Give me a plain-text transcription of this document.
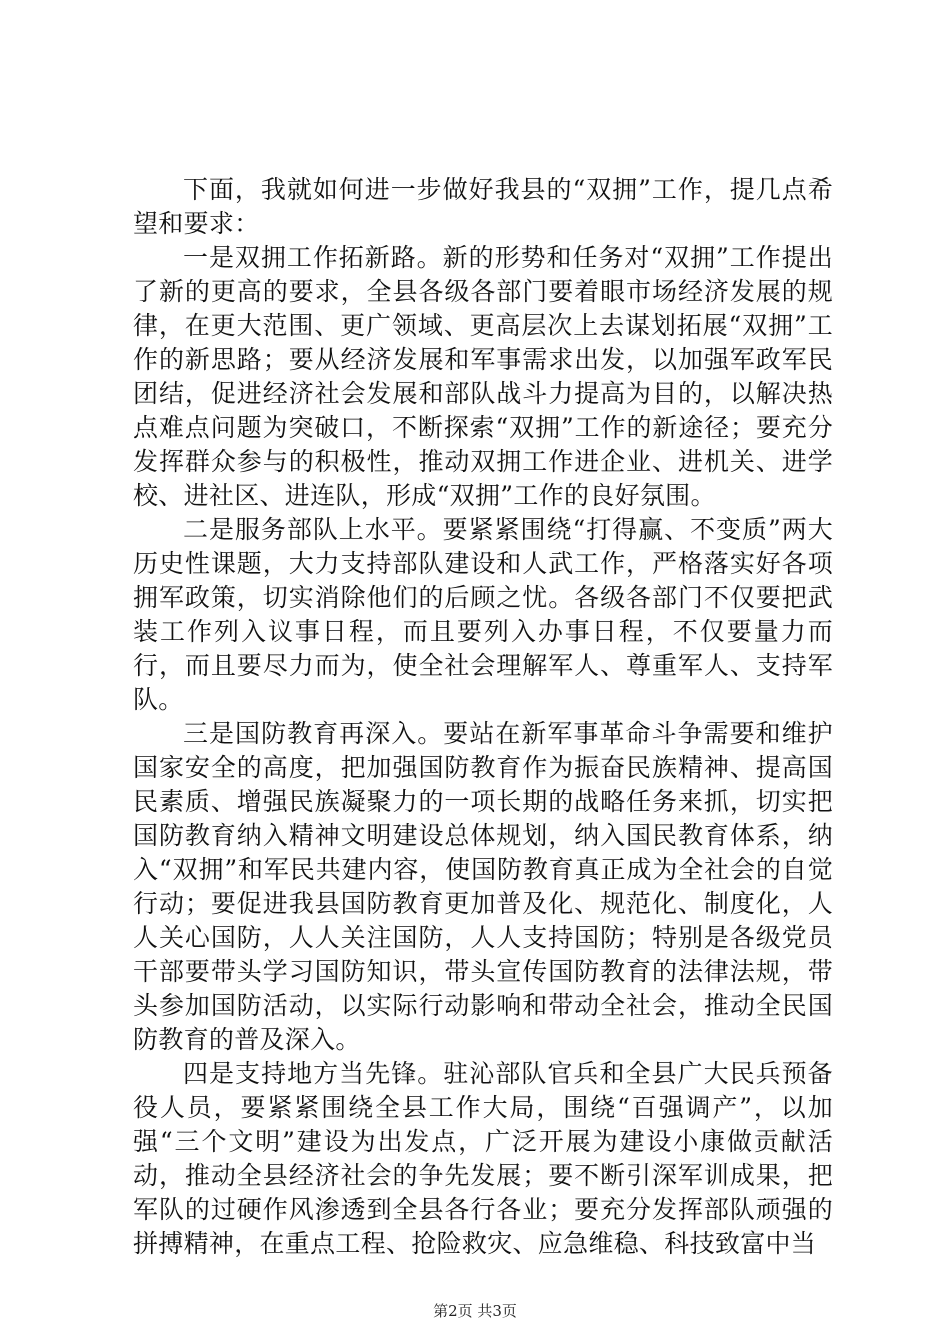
下面，我就如何进一步做好我县的“双拥”工作，提几点希望和要求：

一是双拥工作拓新路。新的形势和任务对“双拥”工作提出了新的更高的要求，全县各级各部门要着眼市场经济发展的规律，在更大范围、更广领域、更高层次上去谋划拓展“双拥”工作的新思路；要从经济发展和军事需求出发，以加强军政军民团结，促进经济社会发展和部队战斗力提高为目的，以解决热点难点问题为突破口，不断探索“双拥”工作的新途径；要充分发挥群众参与的积极性，推动双拥工作进企业、进机关、进学校、进社区、进连队，形成“双拥”工作的良好氛围。

二是服务部队上水平。要紧紧围绕“打得赢、不变质”两大历史性课题，大力支持部队建设和人武工作，严格落实好各项拥军政策，切实消除他们的后顾之忧。各级各部门不仅要把武装工作列入议事日程，而且要列入办事日程，不仅要量力而行，而且要尽力而为，使全社会理解军人、尊重军人、支持军队。

三是国防教育再深入。要站在新军事革命斗争需要和维护国家安全的高度，把加强国防教育作为振奋民族精神、提高国民素质、增强民族凝聚力的一项长期的战略任务来抓，切实把国防教育纳入精神文明建设总体规划，纳入国民教育体系，纳入“双拥”和军民共建内容，使国防教育真正成为全社会的自觉行动；要促进我县国防教育更加普及化、规范化、制度化，人人关心国防，人人关注国防，人人支持国防；特别是各级党员干部要带头学习国防知识，带头宣传国防教育的法律法规，带头参加国防活动，以实际行动影响和带动全社会，推动全民国防教育的普及深入。

四是支持地方当先锋。驻沁部队官兵和全县广大民兵预备役人员，要紧紧围绕全县工作大局，围绕“百强调产”，以加强“三个文明”建设为出发点，广泛开展为建设小康做贡献活动，推动全县经济社会的争先发展；要不断引深军训成果，把军队的过硬作风渗透到全县各行各业；要充分发挥部队顽强的拼搏精神，在重点工程、抢险救灾、应急维稳、科技致富中当

第2页 共3页
